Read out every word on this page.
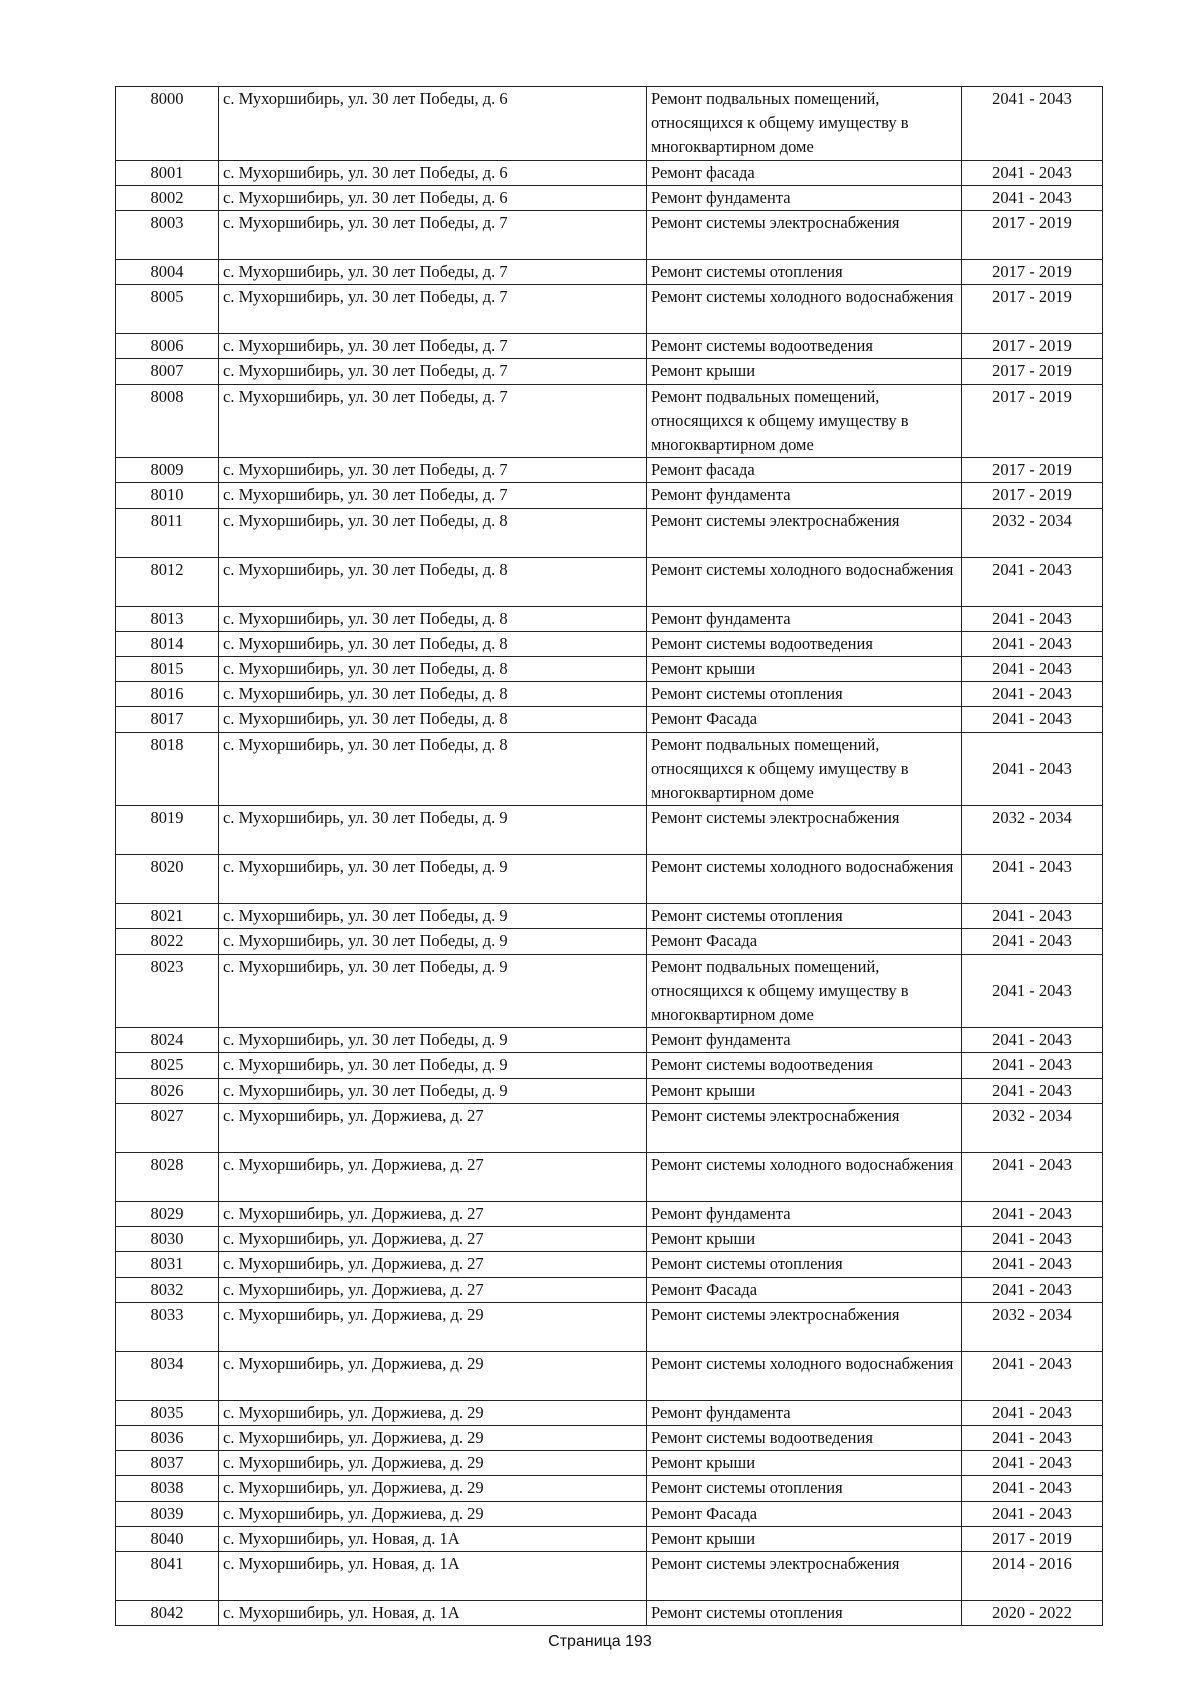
8000	с. Мухоршибирь, ул. 30 лет Победы, д. 6	Ремонт подвальных помещений, относящихся к общему имуществу в многоквартирном доме	2041 - 2043
8001	с. Мухоршибирь, ул. 30 лет Победы, д. 6	Ремонт фасада	2041 - 2043
8002	с. Мухоршибирь, ул. 30 лет Победы, д. 6	Ремонт фундамента	2041 - 2043
8003	с. Мухоршибирь, ул. 30 лет Победы, д. 7	Ремонт системы электроснабжения	2017 - 2019
8004	с. Мухоршибирь, ул. 30 лет Победы, д. 7	Ремонт системы отопления	2017 - 2019
8005	с. Мухоршибирь, ул. 30 лет Победы, д. 7	Ремонт системы холодного водоснабжения	2017 - 2019
8006	с. Мухоршибирь, ул. 30 лет Победы, д. 7	Ремонт системы водоотведения	2017 - 2019
8007	с. Мухоршибирь, ул. 30 лет Победы, д. 7	Ремонт крыши	2017 - 2019
8008	с. Мухоршибирь, ул. 30 лет Победы, д. 7	Ремонт подвальных помещений, относящихся к общему имуществу в многоквартирном доме	2017 - 2019
8009	с. Мухоршибирь, ул. 30 лет Победы, д. 7	Ремонт фасада	2017 - 2019
8010	с. Мухоршибирь, ул. 30 лет Победы, д. 7	Ремонт фундамента	2017 - 2019
8011	с. Мухоршибирь, ул. 30 лет Победы, д. 8	Ремонт системы электроснабжения	2032 - 2034
8012	с. Мухоршибирь, ул. 30 лет Победы, д. 8	Ремонт системы холодного водоснабжения	2041 - 2043
8013	с. Мухоршибирь, ул. 30 лет Победы, д. 8	Ремонт фундамента	2041 - 2043
8014	с. Мухоршибирь, ул. 30 лет Победы, д. 8	Ремонт системы водоотведения	2041 - 2043
8015	с. Мухоршибирь, ул. 30 лет Победы, д. 8	Ремонт крыши	2041 - 2043
8016	с. Мухоршибирь, ул. 30 лет Победы, д. 8	Ремонт системы отопления	2041 - 2043
8017	с. Мухоршибирь, ул. 30 лет Победы, д. 8	Ремонт Фасада	2041 - 2043
8018	с. Мухоршибирь, ул. 30 лет Победы, д. 8	Ремонт подвальных помещений, относящихся к общему имуществу в многоквартирном доме	2041 - 2043
8019	с. Мухоршибирь, ул. 30 лет Победы, д. 9	Ремонт системы электроснабжения	2032 - 2034
8020	с. Мухоршибирь, ул. 30 лет Победы, д. 9	Ремонт системы холодного водоснабжения	2041 - 2043
8021	с. Мухоршибирь, ул. 30 лет Победы, д. 9	Ремонт системы отопления	2041 - 2043
8022	с. Мухоршибирь, ул. 30 лет Победы, д. 9	Ремонт Фасада	2041 - 2043
8023	с. Мухоршибирь, ул. 30 лет Победы, д. 9	Ремонт подвальных помещений, относящихся к общему имуществу в многоквартирном доме	2041 - 2043
8024	с. Мухоршибирь, ул. 30 лет Победы, д. 9	Ремонт фундамента	2041 - 2043
8025	с. Мухоршибирь, ул. 30 лет Победы, д. 9	Ремонт системы водоотведения	2041 - 2043
8026	с. Мухоршибирь, ул. 30 лет Победы, д. 9	Ремонт крыши	2041 - 2043
8027	с. Мухоршибирь, ул. Доржиева, д. 27	Ремонт системы электроснабжения	2032 - 2034
8028	с. Мухоршибирь, ул. Доржиева, д. 27	Ремонт системы холодного водоснабжения	2041 - 2043
8029	с. Мухоршибирь, ул. Доржиева, д. 27	Ремонт фундамента	2041 - 2043
8030	с. Мухоршибирь, ул. Доржиева, д. 27	Ремонт крыши	2041 - 2043
8031	с. Мухоршибирь, ул. Доржиева, д. 27	Ремонт системы отопления	2041 - 2043
8032	с. Мухоршибирь, ул. Доржиева, д. 27	Ремонт Фасада	2041 - 2043
8033	с. Мухоршибирь, ул. Доржиева, д. 29	Ремонт системы электроснабжения	2032 - 2034
8034	с. Мухоршибирь, ул. Доржиева, д. 29	Ремонт системы холодного водоснабжения	2041 - 2043
8035	с. Мухоршибирь, ул. Доржиева, д. 29	Ремонт фундамента	2041 - 2043
8036	с. Мухоршибирь, ул. Доржиева, д. 29	Ремонт системы водоотведения	2041 - 2043
8037	с. Мухоршибирь, ул. Доржиева, д. 29	Ремонт крыши	2041 - 2043
8038	с. Мухоршибирь, ул. Доржиева, д. 29	Ремонт системы отопления	2041 - 2043
8039	с. Мухоршибирь, ул. Доржиева, д. 29	Ремонт Фасада	2041 - 2043
8040	с. Мухоршибирь, ул. Новая, д. 1А	Ремонт крыши	2017 - 2019
8041	с. Мухоршибирь, ул. Новая, д. 1А	Ремонт системы электроснабжения	2014 - 2016
8042	с. Мухоршибирь, ул. Новая, д. 1А	Ремонт системы отопления	2020 - 2022
Страница 193
